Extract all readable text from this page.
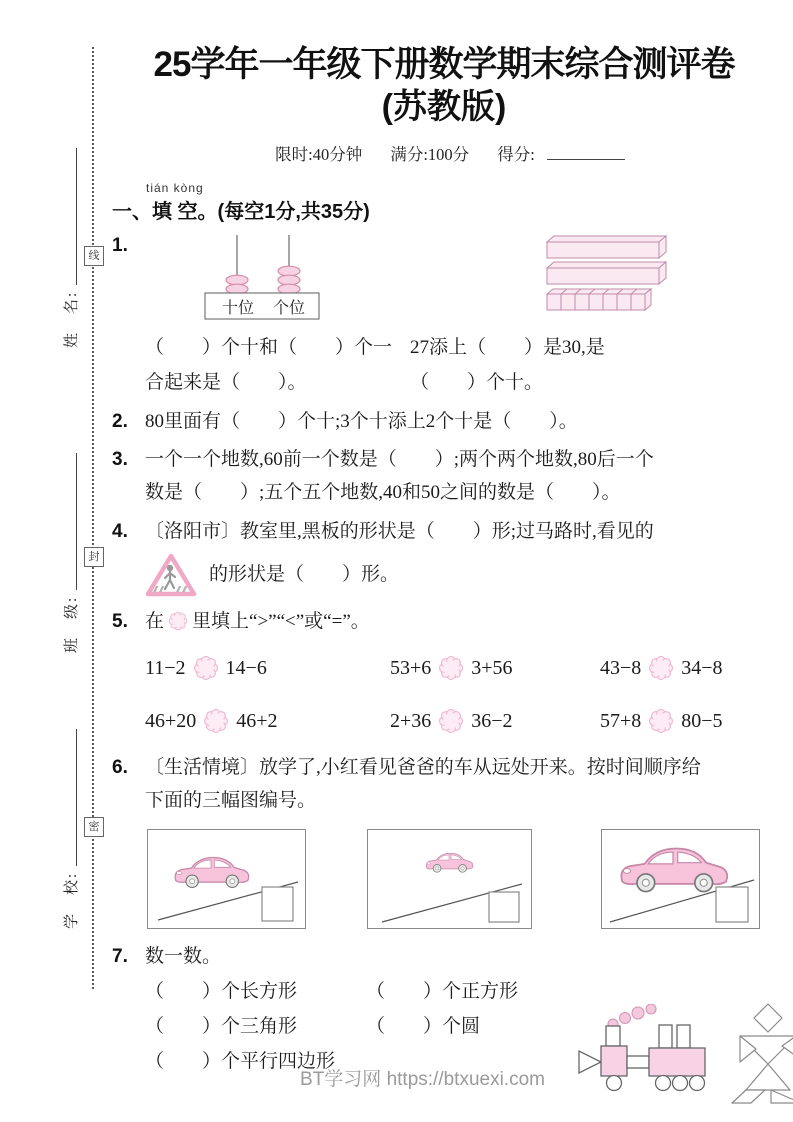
姓　名:
班　级:
学　校:
线
封
密
25学年一年级下册数学期末综合测评卷
(苏教版)
限时:40分钟 满分:100分 得分:
tián kòng
一、填 空。(每空1分,共35分)
1.
十位 个位
（　　）个十和（　　）个一 27添上（　　）是30,是
合起来是（　　）。	（　　）个十。
2. 80里面有（　　）个十;3个十添上2个十是（　　）。
3. 一个一个地数,60前一个数是（　　）;两个两个地数,80后一个
数是（　　）;五个五个地数,40和50之间的数是（　　）。
4. 〔洛阳市〕教室里,黑板的形状是（　　）形;过马路时,看见的
的形状是（　　）形。
5. 在 里填上“>”“<”或“=”。
11−2 14−6	53+6 3+56	43−8 34−8
46+20 46+2	2+36 36−2	57+8 80−5
6. 〔生活情境〕放学了,小红看见爸爸的车从远处开来。按时间顺序给
下面的三幅图编号。
7. 数一数。
（　　）个长方形	（　　）个正方形
（　　）个三角形	（　　）个圆
（　　）个平行四边形
BT学习网 https://btxuexi.com
